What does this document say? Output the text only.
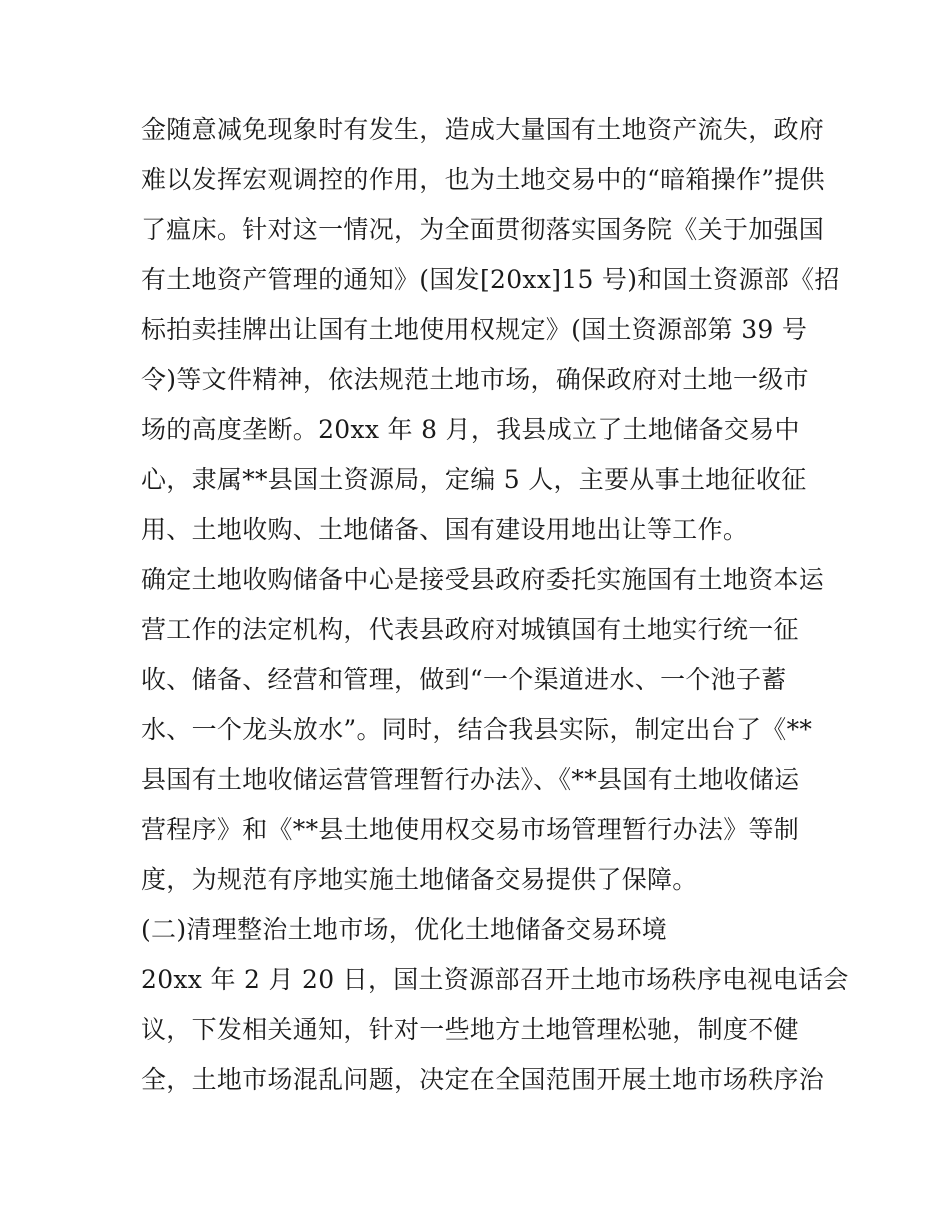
金随意减免现象时有发生，造成大量国有土地资产流失，政府
难以发挥宏观调控的作用，也为土地交易中的“暗箱操作”提供
了瘟床。针对这一情况，为全面贯彻落实国务院《关于加强国
有土地资产管理的通知》(国发[20xx]15 号)和国土资源部《招
标拍卖挂牌出让国有土地使用权规定》(国土资源部第 39 号
令)等文件精神，依法规范土地市场，确保政府对土地一级市
场的高度垄断。20xx 年 8 月，我县成立了土地储备交易中
心，隶属**县国土资源局，定编 5 人，主要从事土地征收征
用、土地收购、土地储备、国有建设用地出让等工作。
确定土地收购储备中心是接受县政府委托实施国有土地资本运
营工作的法定机构，代表县政府对城镇国有土地实行统一征
收、储备、经营和管理，做到“一个渠道进水、一个池子蓄
水、一个龙头放水”。同时，结合我县实际，制定出台了《**
县国有土地收储运营管理暂行办法》、《**县国有土地收储运
营程序》和《**县土地使用权交易市场管理暂行办法》等制
度，为规范有序地实施土地储备交易提供了保障。
(二)清理整治土地市场，优化土地储备交易环境
20xx 年 2 月 20 日，国土资源部召开土地市场秩序电视电话会
议，下发相关通知，针对一些地方土地管理松驰，制度不健
全，土地市场混乱问题，决定在全国范围开展土地市场秩序治
